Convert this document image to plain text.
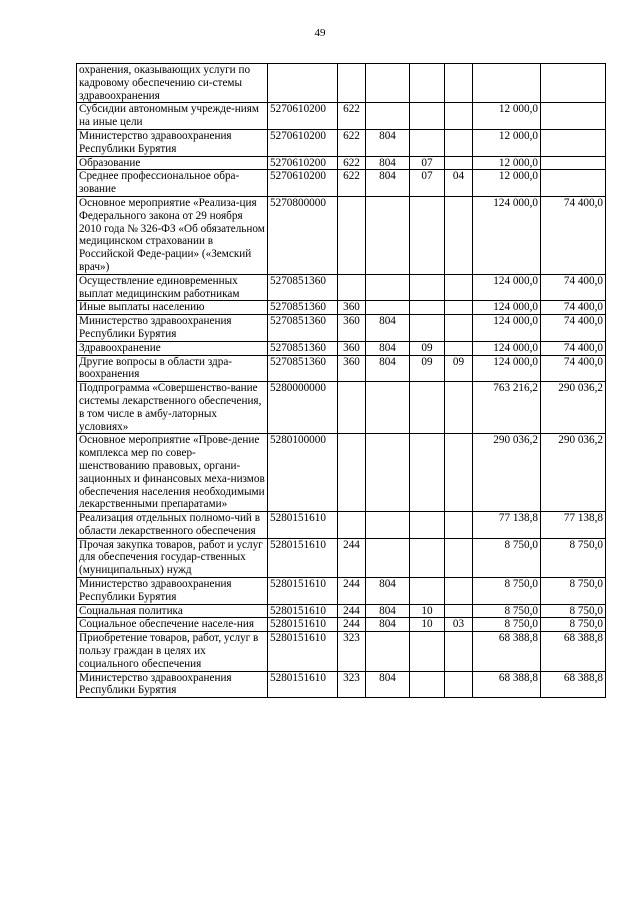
49
охранения, оказывающих услуги по кадровому обеспечению си-стемы здравоохранения							
Субсидии автономным учрежде-ниям на иные цели	5270610200	622				12 000,0	
Министерство здравоохранения Республики Бурятия	5270610200	622	804			12 000,0	
Образование	5270610200	622	804	07		12 000,0	
Среднее профессиональное обра-зование	5270610200	622	804	07	04	12 000,0	
Основное мероприятие «Реализа-ция Федерального закона от 29 ноября 2010 года № 326-ФЗ «Об обязательном медицинском страховании в Российской Феде-рации» («Земский врач»)	5270800000					124 000,0	74 400,0
Осуществление единовременных выплат медицинским работникам	5270851360					124 000,0	74 400,0
Иные выплаты населению	5270851360	360				124 000,0	74 400,0
Министерство здравоохранения Республики Бурятия	5270851360	360	804			124 000,0	74 400,0
Здравоохранение	5270851360	360	804	09		124 000,0	74 400,0
Другие вопросы в области здра-воохранения	5270851360	360	804	09	09	124 000,0	74 400,0
Подпрограмма «Совершенство-вание системы лекарственного обеспечения, в том числе в амбу-латорных условиях»	5280000000					763 216,2	290 036,2
Основное мероприятие «Прове-дение комплекса мер по совер-шенствованию правовых, органи-зационных и финансовых меха-низмов обеспечения населения необходимыми лекарственными препаратами»	5280100000					290 036,2	290 036,2
Реализация отдельных полномо-чий в области лекарственного обеспечения	5280151610					77 138,8	77 138,8
Прочая закупка товаров, работ и услуг для обеспечения государ-ственных (муниципальных) нужд	5280151610	244				8 750,0	8 750,0
Министерство здравоохранения Республики Бурятия	5280151610	244	804			8 750,0	8 750,0
Социальная политика	5280151610	244	804	10		8 750,0	8 750,0
Социальное обеспечение населе-ния	5280151610	244	804	10	03	8 750,0	8 750,0
Приобретение товаров, работ, услуг в пользу граждан в целях их социального обеспечения	5280151610	323				68 388,8	68 388,8
Министерство здравоохранения Республики Бурятия	5280151610	323	804			68 388,8	68 388,8
